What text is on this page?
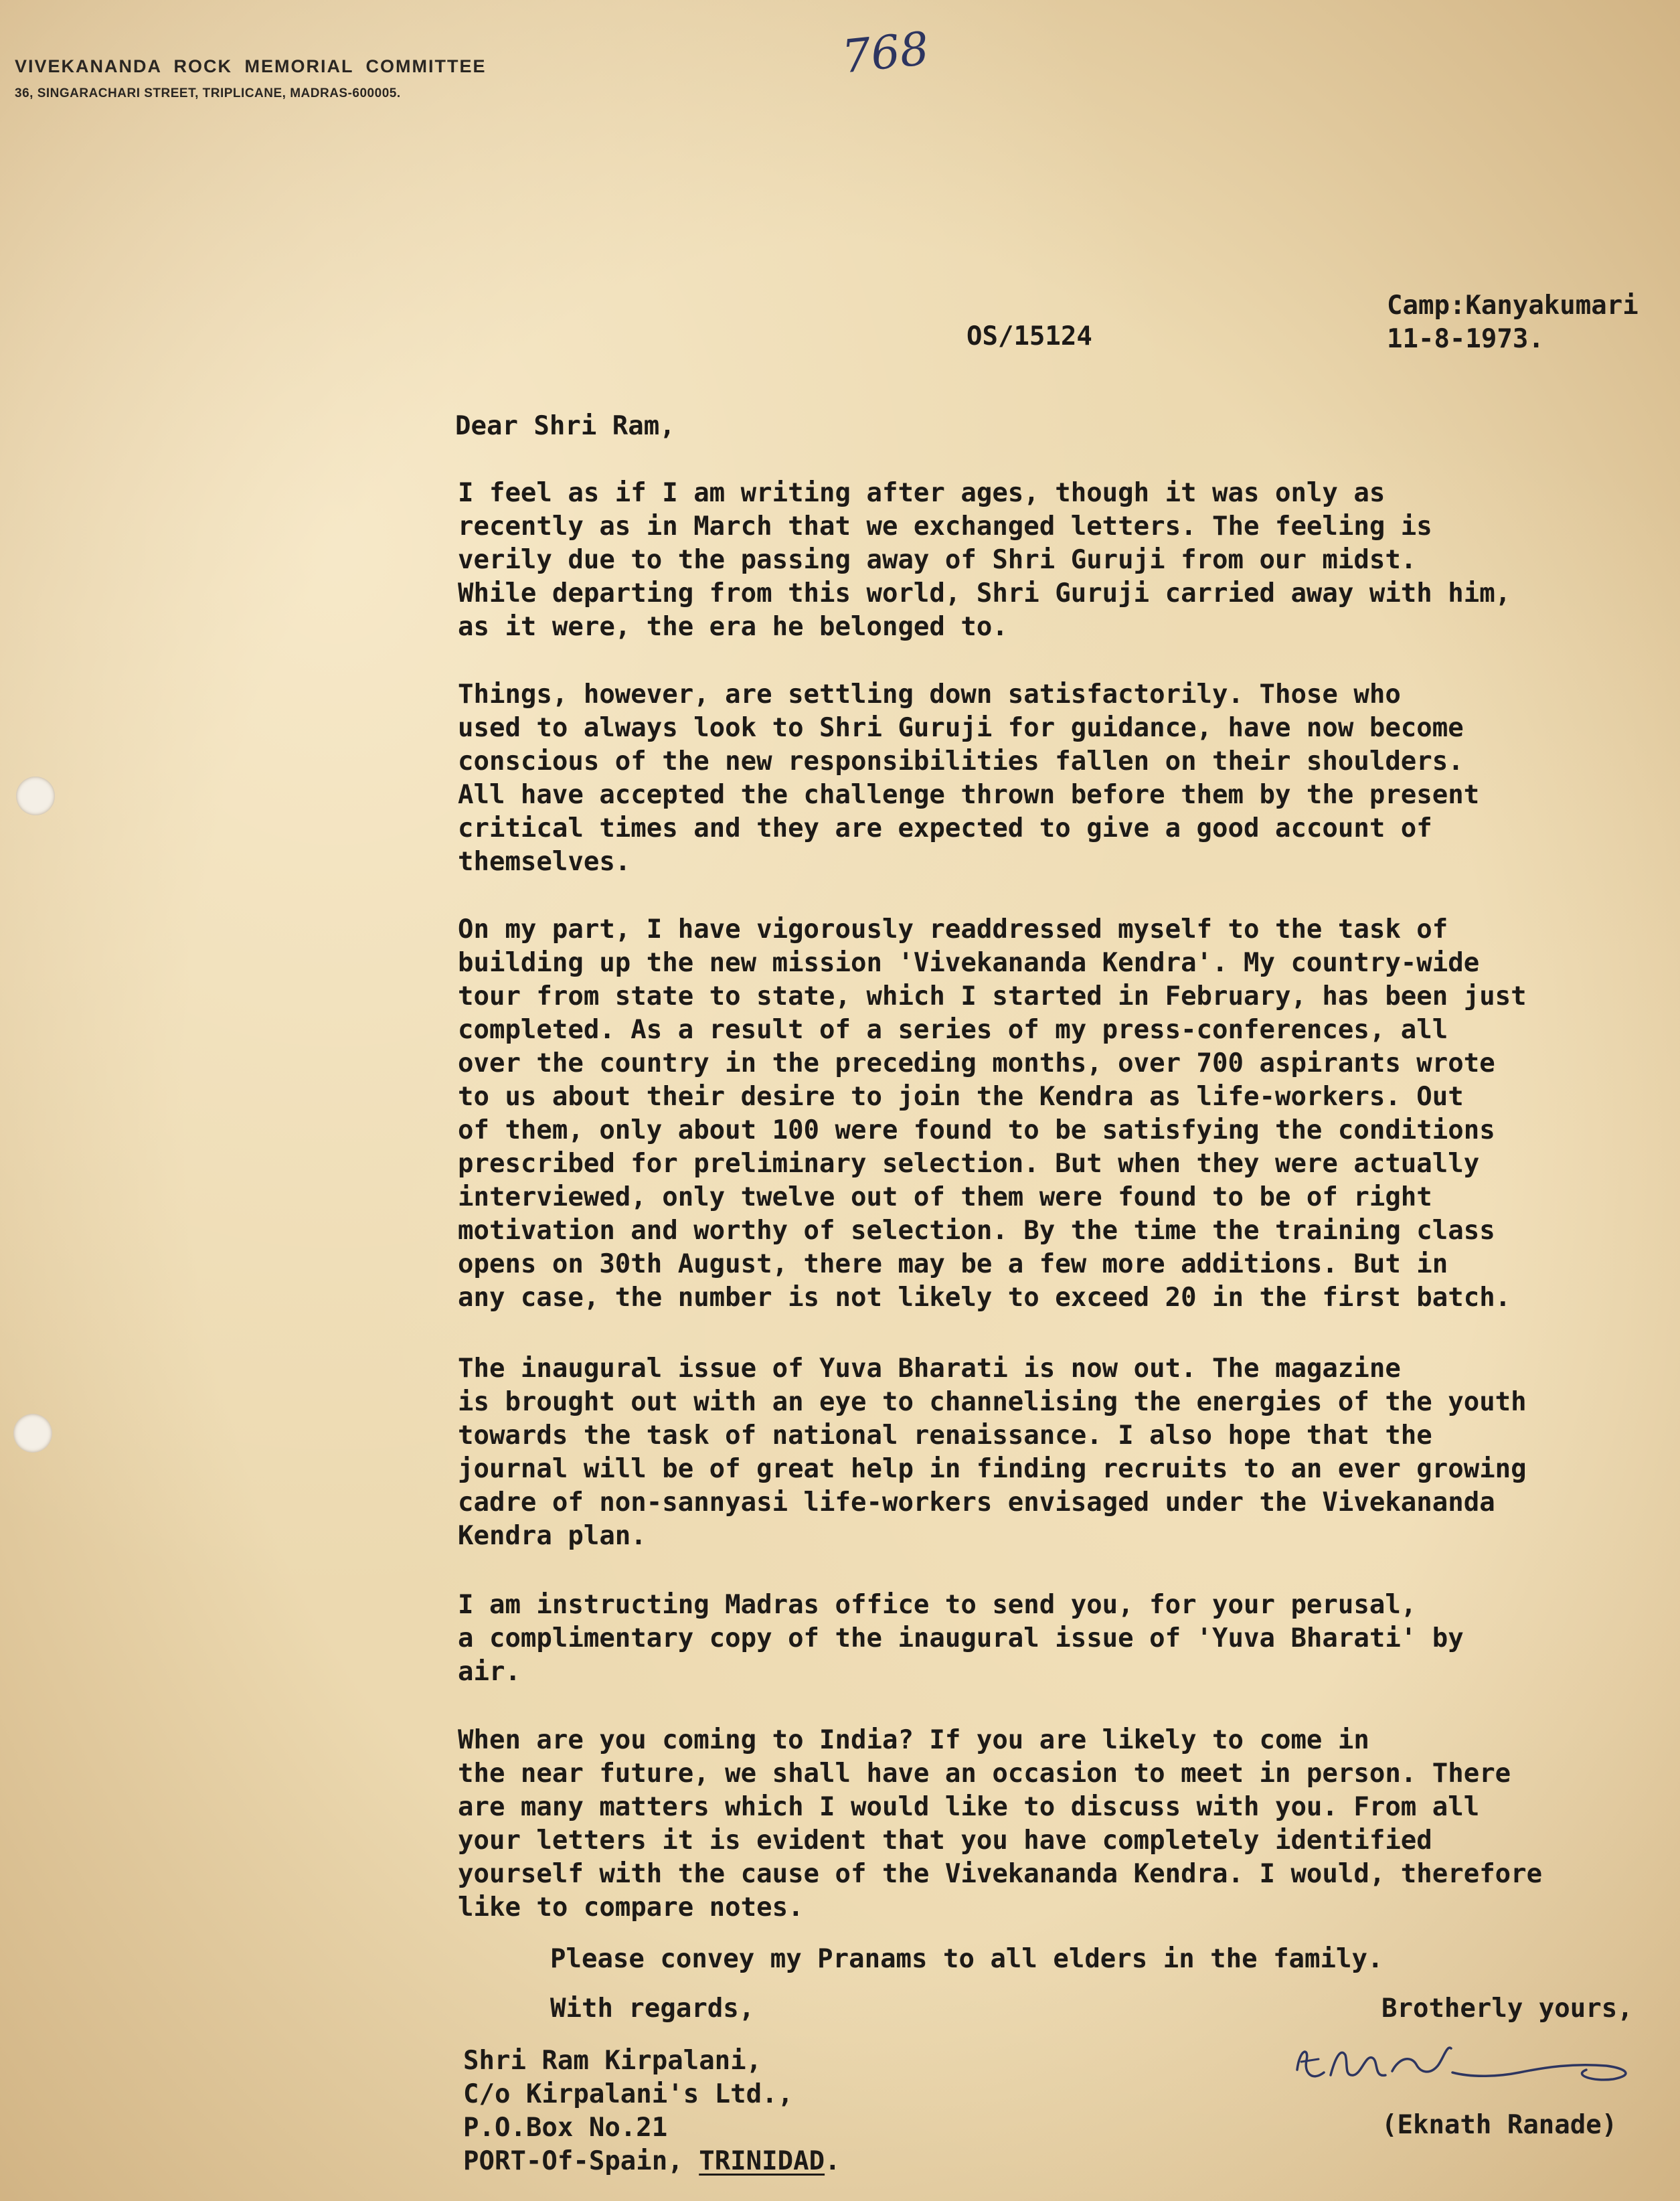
VIVEKANANDA ROCK MEMORIAL COMMITTEE
36, SINGARACHARI STREET, TRIPLICANE, MADRAS-600005.
768
OS/15124
Camp:Kanyakumari
11-8-1973.
Dear Shri Ram,
I feel as if I am writing after ages, though it was only as
recently as in March that we exchanged letters. The feeling is
verily due to the passing away of Shri Guruji from our midst.
While departing from this world, Shri Guruji carried away with him,
as it were, the era he belonged to.
Things, however, are settling down satisfactorily. Those who
used to always look to Shri Guruji for guidance, have now become
conscious of the new responsibilities fallen on their shoulders.
All have accepted the challenge thrown before them by the present
critical times and they are expected to give a good account of
themselves.
On my part, I have vigorously readdressed myself to the task of
building up the new mission 'Vivekananda Kendra'. My country-wide
tour from state to state, which I started in February, has been just
completed. As a result of a series of my press-conferences, all
over the country in the preceding months, over 700 aspirants wrote
to us about their desire to join the Kendra as life-workers. Out
of them, only about 100 were found to be satisfying the conditions
prescribed for preliminary selection. But when they were actually
interviewed, only twelve out of them were found to be of right
motivation and worthy of selection. By the time the training class
opens on 30th August, there may be a few more additions. But in
any case, the number is not likely to exceed 20 in the first batch.
The inaugural issue of Yuva Bharati is now out. The magazine
is brought out with an eye to channelising the energies of the youth
towards the task of national renaissance. I also hope that the
journal will be of great help in finding recruits to an ever growing
cadre of non-sannyasi life-workers envisaged under the Vivekananda
Kendra plan.
I am instructing Madras office to send you, for your perusal,
a complimentary copy of the inaugural issue of 'Yuva Bharati' by
air.
When are you coming to India? If you are likely to come in
the near future, we shall have an occasion to meet in person. There
are many matters which I would like to discuss with you. From all
your letters it is evident that you have completely identified
yourself with the cause of the Vivekananda Kendra. I would, therefore
like to compare notes.
Please convey my Pranams to all elders in the family.
With regards,	Brotherly yours,
(Eknath Ranade)
Shri Ram Kirpalani,
C/o Kirpalani's Ltd.,
P.O.Box No.21
PORT-Of-Spain, TRINIDAD.
